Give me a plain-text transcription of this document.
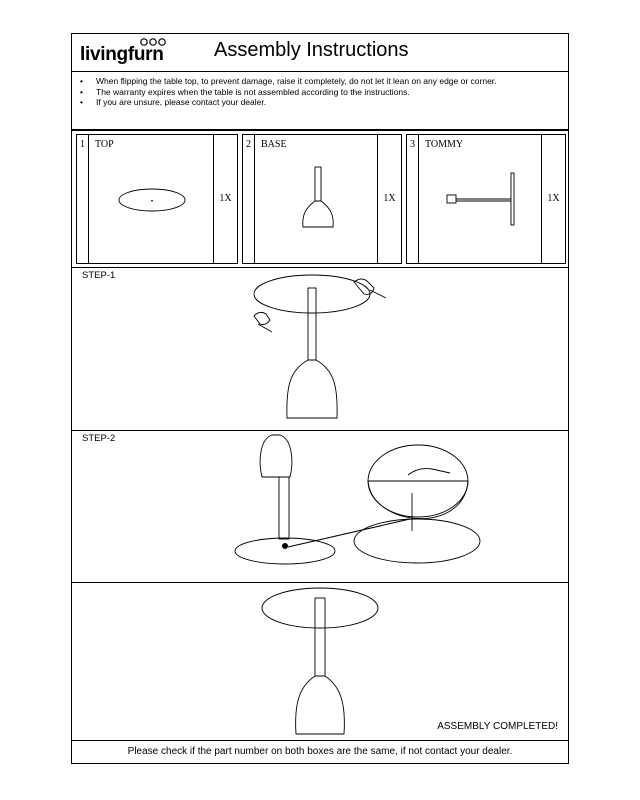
livingfurn	Assembly Instructions
• When flipping the table top, to prevent damage, raise it completely, do not let it lean on any edge or corner.
• The warranty expires when the table is not assembled according to the instructions.
• If you are unsure, please contact your dealer.
1	TOP
1X
2	BASE
1X
3	TOMMY
1X
STEP-1
STEP-2
ASSEMBLY COMPLETED!
Please check if the part number on both boxes are the same, if not contact your dealer.
